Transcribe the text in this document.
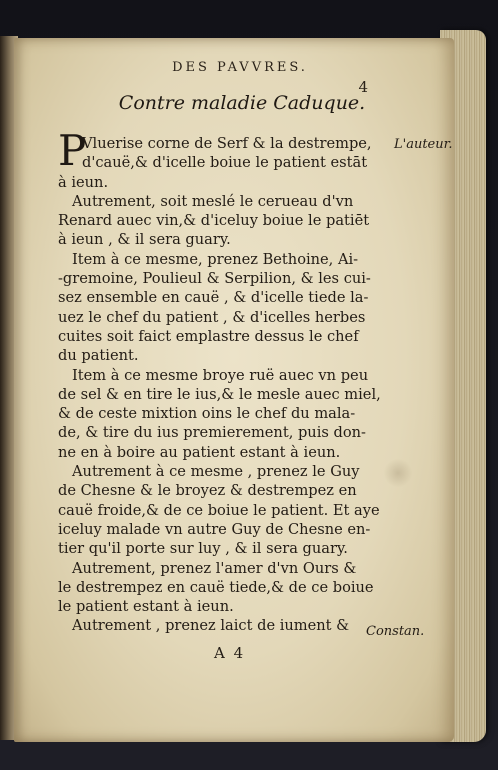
DES PAVVRES.
4
Contre maladie Caduque.
P
Vluerise corne de Serf & la destrempe,
d'cauë,& d'icelle boiue le patient estāt
à ieun.
Autrement, soit meslé le cerueau d'vn
Renard auec vin,& d'iceluy boiue le patiēt
à ieun , & il sera guary.
Item à ce mesme, prenez Bethoine, Ai-
-gremoine, Poulieul & Serpilion, & les cui-
sez ensemble en cauë , & d'icelle tiede la-
uez le chef du patient , & d'icelles herbes
cuites soit faict emplastre dessus le chef
du patient.
Item à ce mesme broye ruë auec vn peu
de sel & en tire le ius,& le mesle auec miel,
& de ceste mixtion oins le chef du mala-
de, & tire du ius premierement, puis don-
ne en à boire au patient estant à ieun.
Autrement à ce mesme , prenez le Guy
de Chesne & le broyez & destrempez en
cauë froide,& de ce boiue le patient. Et aye
iceluy malade vn autre Guy de Chesne en-
tier qu'il porte sur luy , & il sera guary.
Autrement, prenez l'amer d'vn Ours &
le destrempez en cauë tiede,& de ce boiue
le patient estant à ieun.
Autrement , prenez laict de iument &
L'auteur.
Constan.
A 4
